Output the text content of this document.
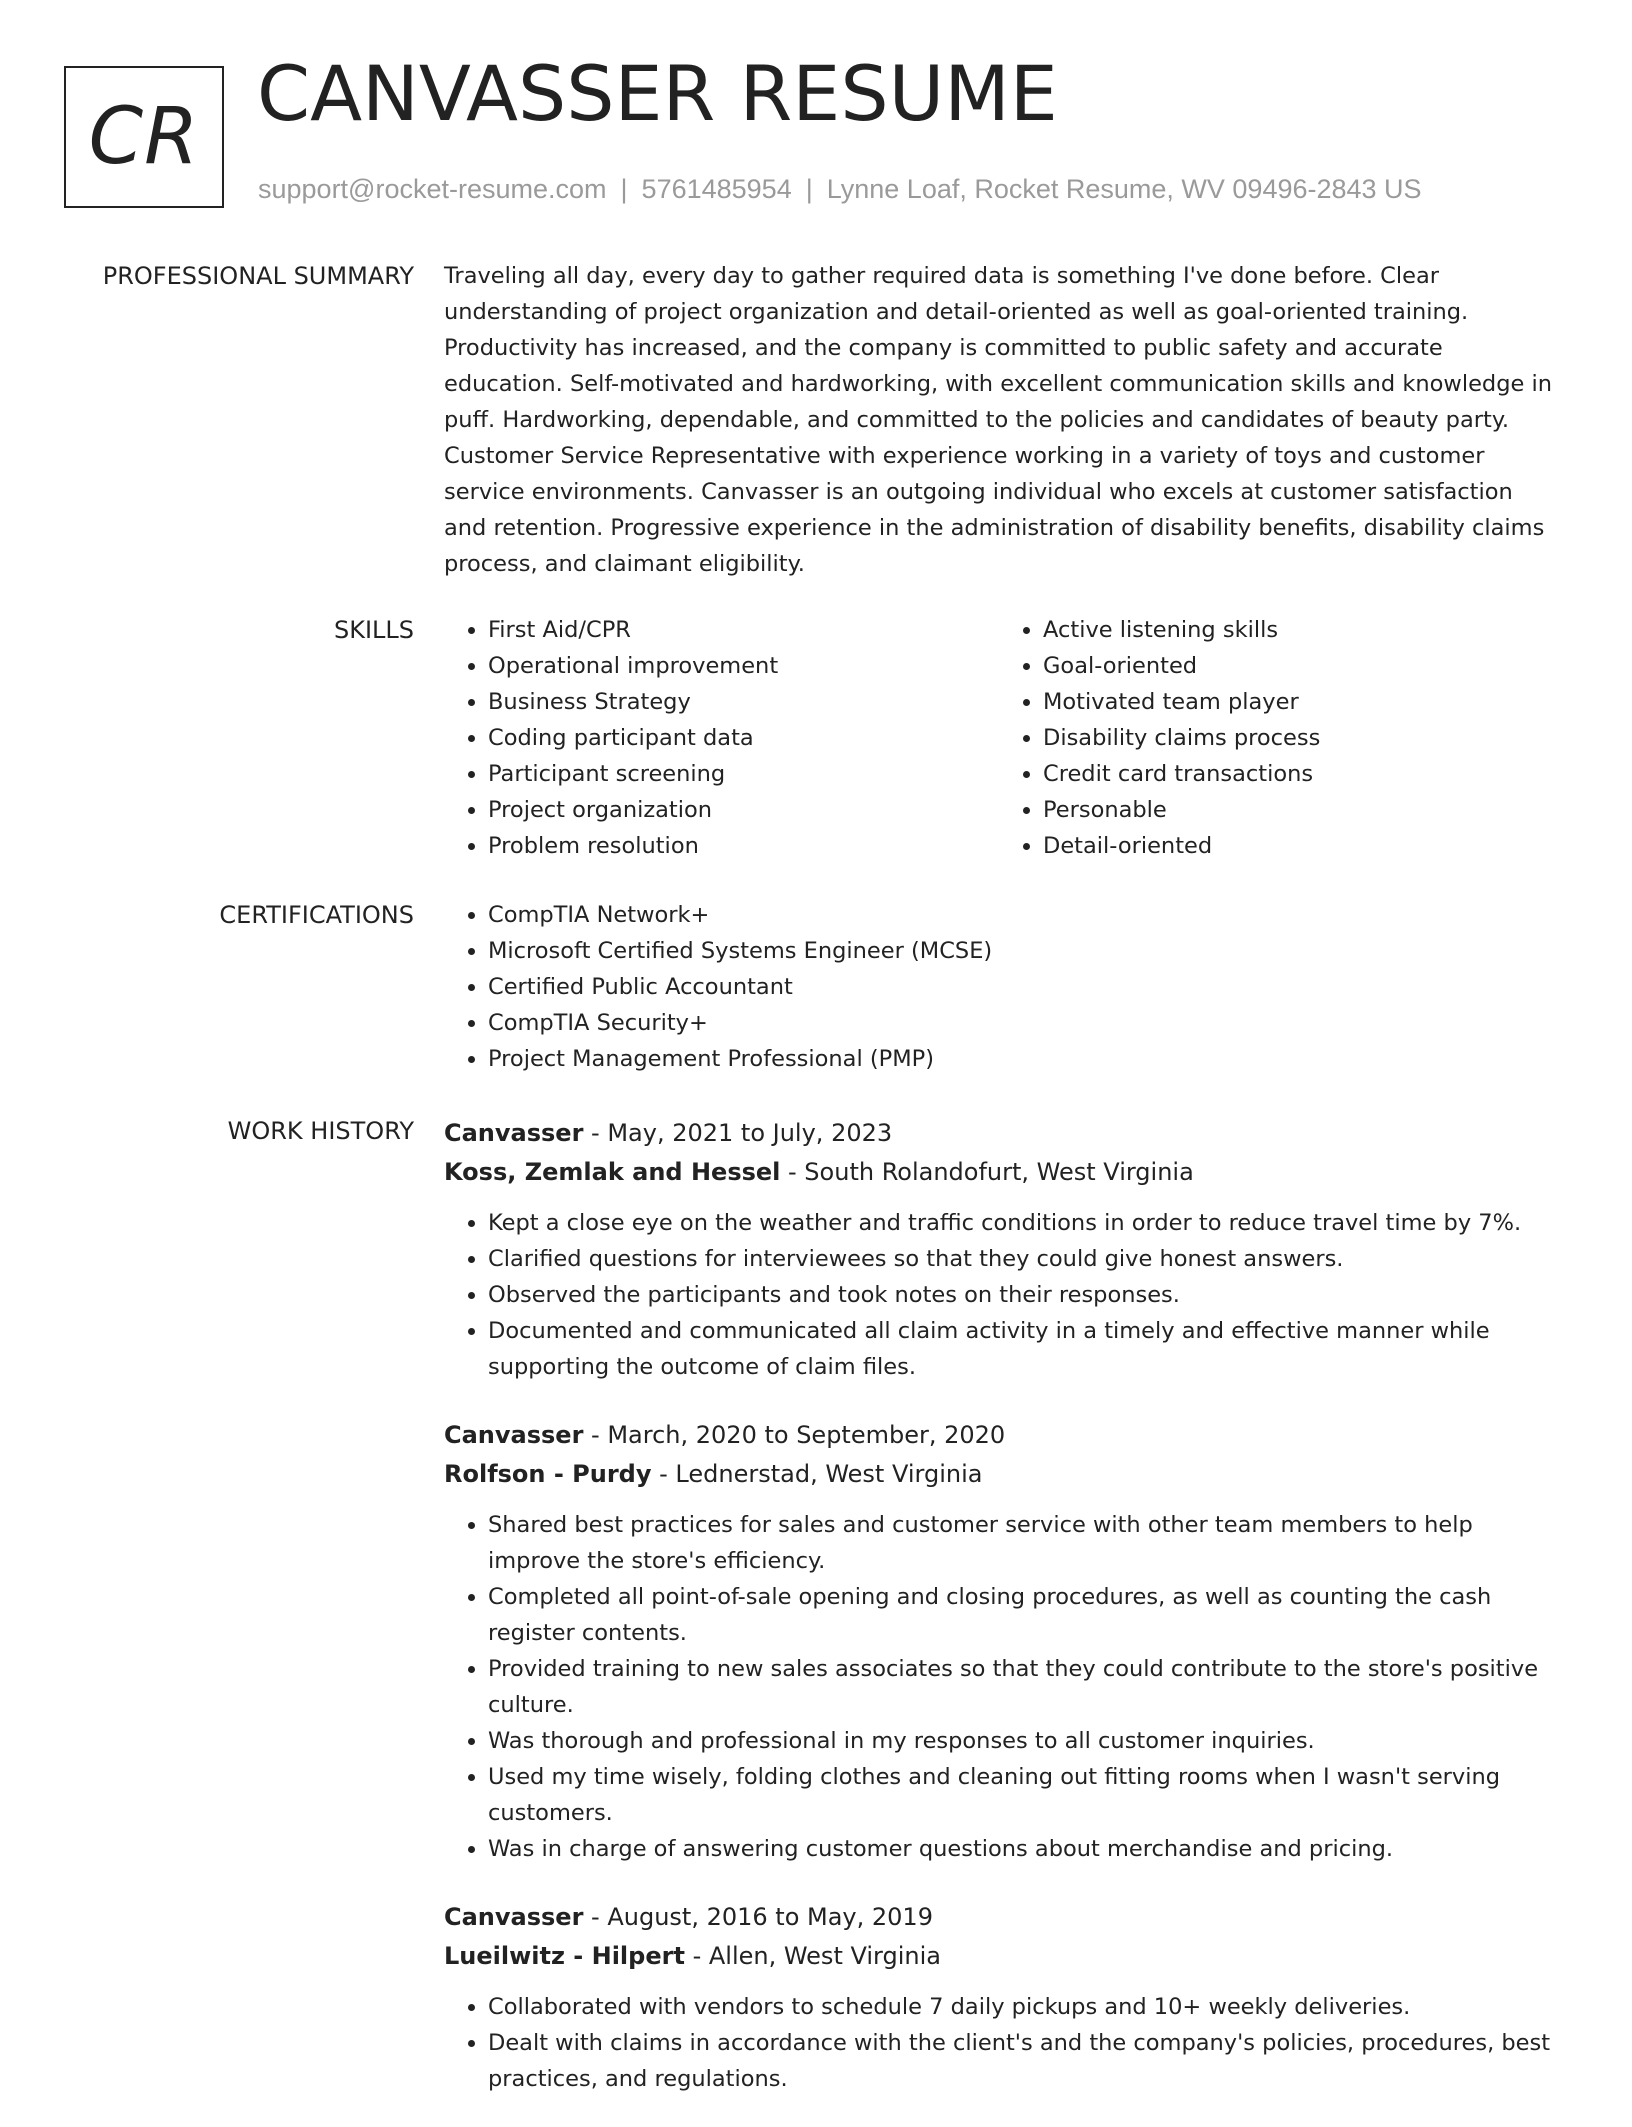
CR CANVASSER RESUME
support@rocket-resume.com | 5761485954 | Lynne Loaf, Rocket Resume, WV 09496-2843 US
PROFESSIONAL SUMMARY Traveling all day, every day to gather required data is something I've done before. Clear understanding of project organization and detail-oriented as well as goal-oriented training. Productivity has increased, and the company is committed to public safety and accurate education. Self-motivated and hardworking, with excellent communication skills and knowledge in puff. Hardworking, dependable, and committed to the policies and candidates of beauty party. Customer Service Representative with experience working in a variety of toys and customer service environments. Canvasser is an outgoing individual who excels at customer satisfaction and retention. Progressive experience in the administration of disability benefits, disability claims process, and claimant eligibility.

SKILLS	• First Aid/CPR
• Operational improvement
• Business Strategy
• Coding participant data
• Participant screening
• Project organization
• Problem resolution
• Active listening skills
• Goal-oriented
• Motivated team player
• Disability claims process
• Credit card transactions
• Personable
• Detail-oriented
CERTIFICATIONS	• CompTIA Network+
• Microsoft Certified Systems Engineer (MCSE)
• Certified Public Accountant
• CompTIA Security+
• Project Management Professional (PMP)
WORK HISTORY Canvasser - May, 2021 to July, 2023
Koss, Zemlak and Hessel - South Rolandofurt, West Virginia
• Kept a close eye on the weather and traffic conditions in order to reduce travel time by 7%.
• Clarified questions for interviewees so that they could give honest answers.
• Observed the participants and took notes on their responses.
• Documented and communicated all claim activity in a timely and effective manner while supporting the outcome of claim files.
Canvasser - March, 2020 to September, 2020
Rolfson - Purdy - Lednerstad, West Virginia
• Shared best practices for sales and customer service with other team members to help improve the store's efficiency.
• Completed all point-of-sale opening and closing procedures, as well as counting the cash register contents.
• Provided training to new sales associates so that they could contribute to the store's positive culture.
• Was thorough and professional in my responses to all customer inquiries.
• Used my time wisely, folding clothes and cleaning out fitting rooms when I wasn't serving customers.
• Was in charge of answering customer questions about merchandise and pricing.
Canvasser - August, 2016 to May, 2019
Lueilwitz - Hilpert - Allen, West Virginia
• Collaborated with vendors to schedule 7 daily pickups and 10+ weekly deliveries.
• Dealt with claims in accordance with the client's and the company's policies, procedures, best practices, and regulations.
